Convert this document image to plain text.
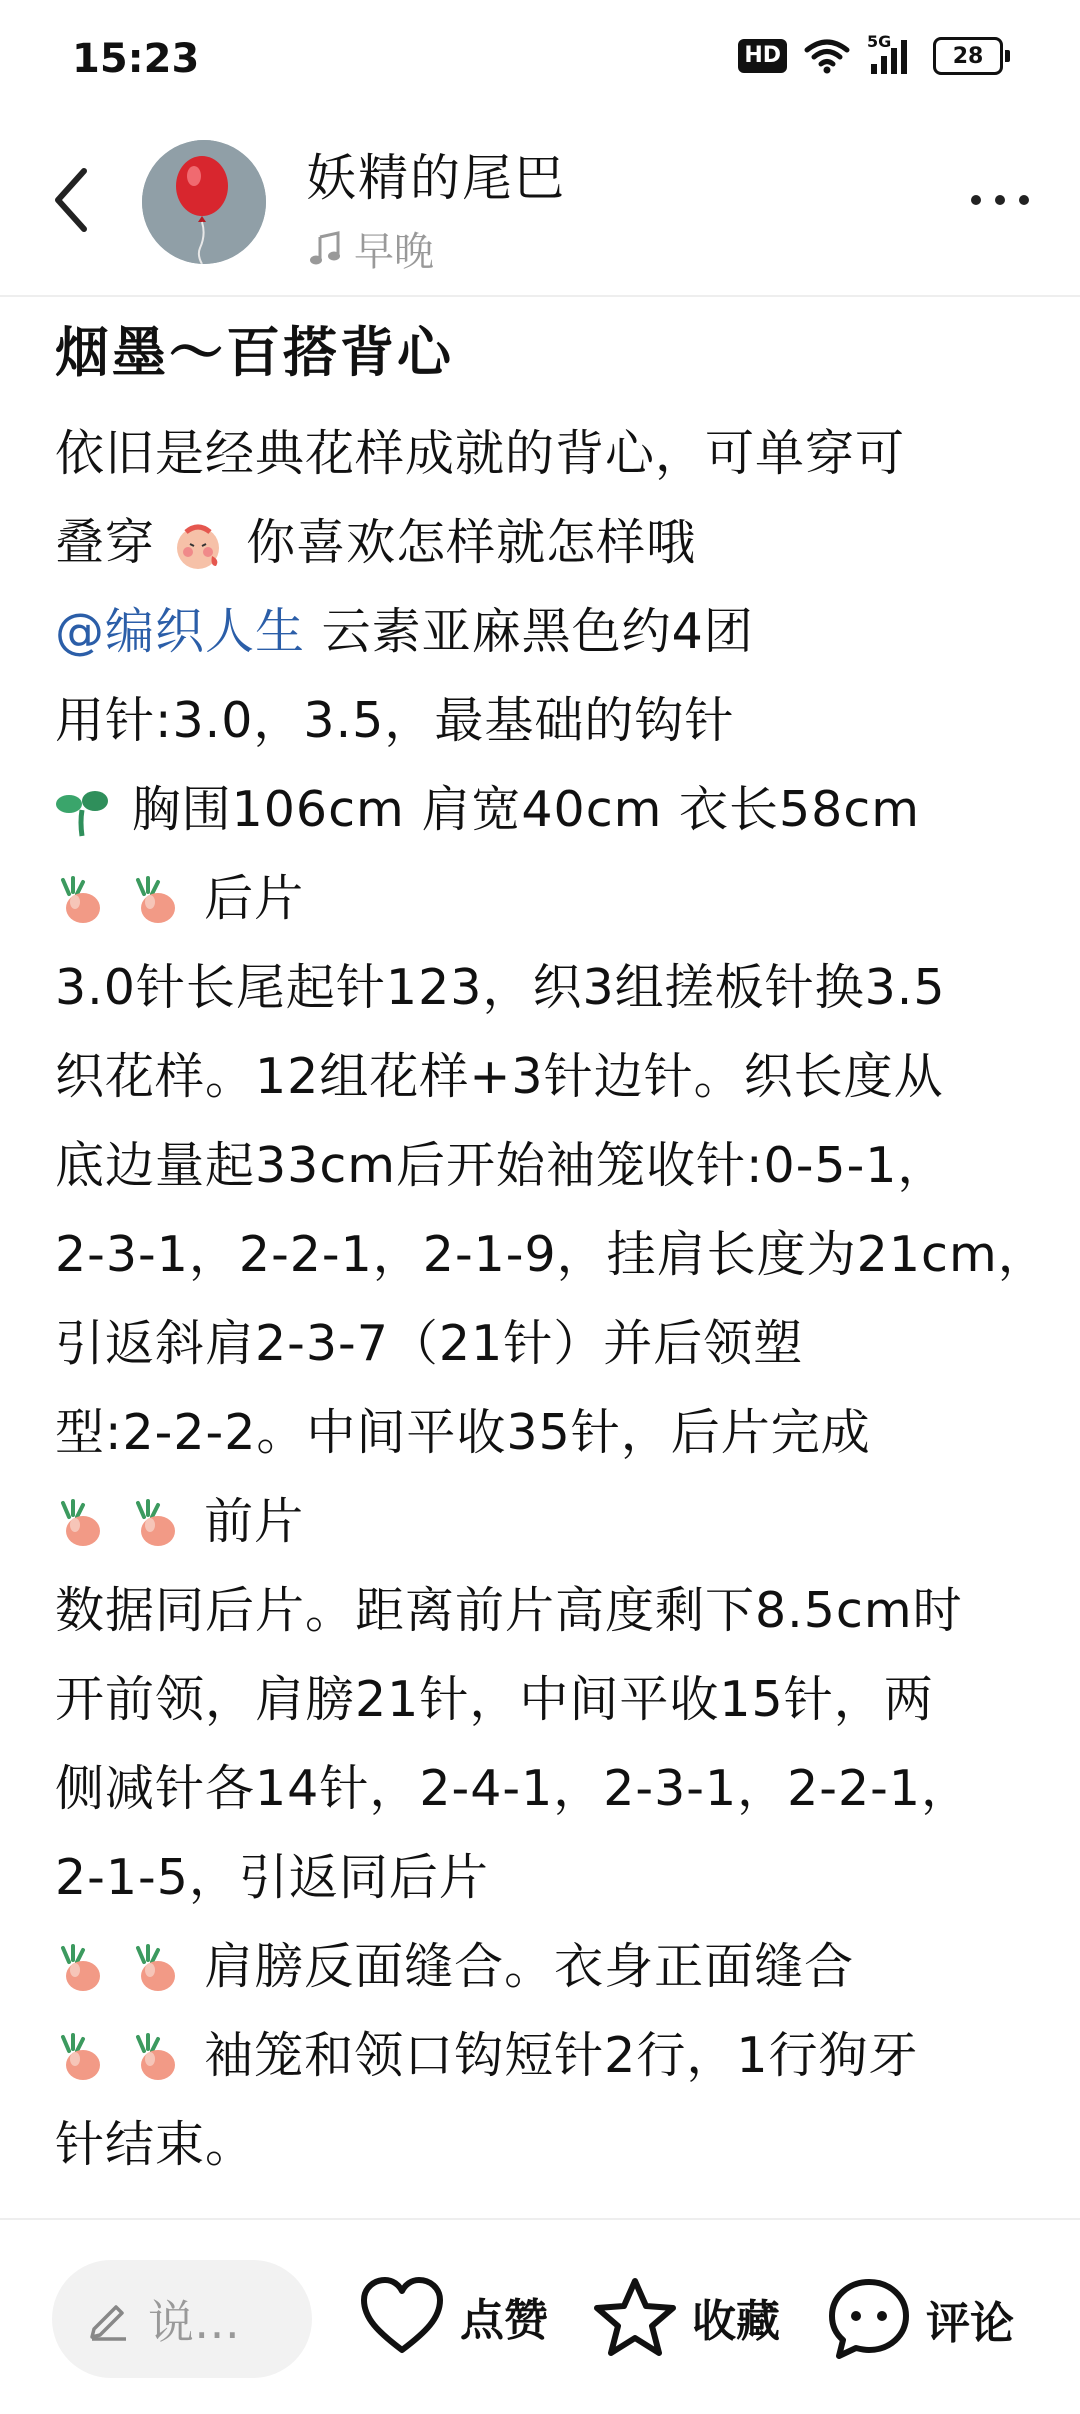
15:23	HD
5G
28
妖精的尾巴
早晚
烟墨～百搭背心
依旧是经典花样成就的背心，可单穿可
叠穿 你喜欢怎样就怎样哦
@编织人生 云素亚麻黑色约4团
用针:3.0，3.5，最基础的钩针
胸围106cm 肩宽40cm 衣长58cm
后片
3.0针长尾起针123，织3组搓板针换3.5
织花样。12组花样+3针边针。织长度从
底边量起33cm后开始袖笼收针:0-5-1，
2-3-1，2-2-1，2-1-9，挂肩长度为21cm，
引返斜肩2-3-7（21针）并后领塑
型:2-2-2。中间平收35针，后片完成
前片
数据同后片。距离前片高度剩下8.5cm时
开前领，肩膀21针，中间平收15针，两
侧减针各14针，2-4-1，2-3-1，2-2-1，
2-1-5，引返同后片
肩膀反面缝合。衣身正面缝合
袖笼和领口钩短针2行，1行狗牙
针结束。
说…	点赞	收藏	评论
